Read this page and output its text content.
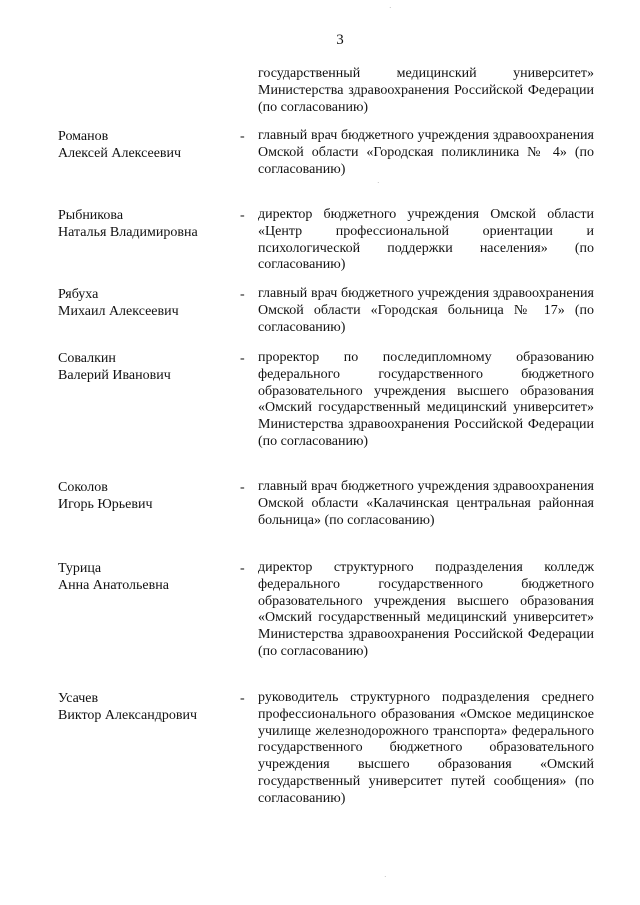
3
государственный медицинский университет» Министерства здравоохранения Российской Федерации (по согласованию)
Романов
Алексей Алексеевич
- главный врач бюджетного учреждения здравоохранения Омской области «Городская поликлиника № 4» (по согласованию)
Рыбникова
Наталья Владимировна
- директор бюджетного учреждения Омской области «Центр профессиональной ориентации и психологической поддержки населения» (по согласованию)
Рябуха
Михаил Алексеевич
- главный врач бюджетного учреждения здравоохранения Омской области «Городская больница № 17» (по согласованию)
Совалкин
Валерий Иванович
- проректор по последипломному образованию федерального государственного бюджетного образовательного учреждения высшего образования «Омский государственный медицинский университет» Министерства здравоохранения Российской Федерации (по согласованию)
Соколов
Игорь Юрьевич
- главный врач бюджетного учреждения здравоохранения Омской области «Калачинская центральная районная больница» (по согласованию)
Турица
Анна Анатольевна
- директор структурного подразделения колледж федерального государственного бюджетного образовательного учреждения высшего образования «Омский государственный медицинский университет» Министерства здравоохранения Российской Федерации (по согласованию)
Усачев
Виктор Александрович
- руководитель структурного подразделения среднего профессионального образования «Омское медицинское училище железнодорожного транспорта» федерального государственного бюджетного образовательного учреждения высшего образования «Омский государственный университет путей сообщения» (по согласованию)
˙
˙
˙
